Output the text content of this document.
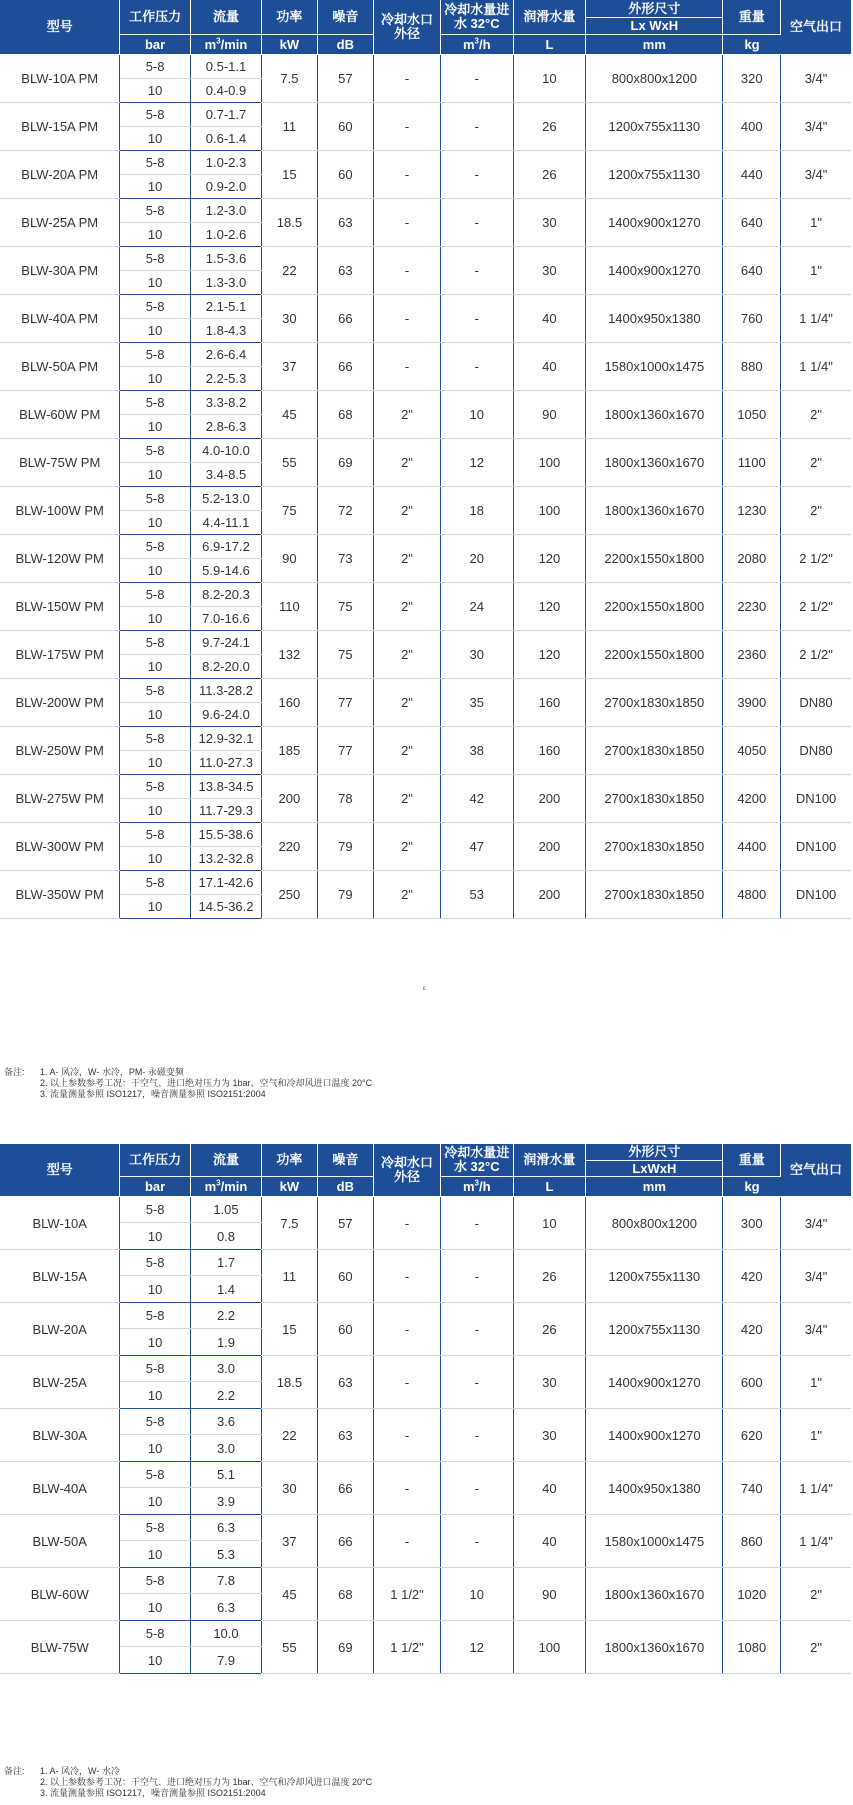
型号	工作压力	流量	功率	噪音	冷却水口外径	冷却水量进水 32°C	润滑水量	外形尺寸
Lx WxH	重量	空气出口
	bar	$m^3/\min$	kW	dB		$m^3/h$	L	mm	kg	
BLW-10A PM	5-8	0.5-1.1	7.5	57	-	-	10	800x800x1200	320	3/4"
	10	0.4-0.9								
BLW-15A PM	5-8	0.7-1.7	11	60	-	-	26	1200x755x1130	400	3/4"
	10	0.6-1.4								
BLW-20A PM	5-8	1.0-2.3	15	60	-	-	26	1200x755x1130	440	3/4"
	10	0.9-2.0								
BLW-25A PM	5-8	1.2-3.0	18.5	63	-	-	30	1400x900x1270	640	1"
	10	1.0-2.6								
BLW-30A PM	5-8	1.5-3.6	22	63	-	-	30	1400x900x1270	640	1"
	10	1.3-3.0								
BLW-40A PM	5-8	2.1-5.1	30	66	-	-	40	1400x950x1380	760	1 1/4"
	10	1.8-4.3								
BLW-50A PM	5-8	2.6-6.4	37	66	-	-	40	1580x1000x1475	880	1 1/4"
	10	2.2-5.3								
BLW-60W PM	5-8	3.3-8.2	45	68	2"	10	90	1800x1360x1670	1050	2"
	10	2.8-6.3								
BLW-75W PM	5-8	4.0-10.0	55	69	2"	12	100	1800x1360x1670	1100	2"
	10	3.4-8.5								
BLW-100W PM	5-8	5.2-13.0	75	72	2"	18	100	1800x1360x1670	1230	2"
	10	4.4-11.1								
BLW-120W PM	5-8	6.9-17.2	90	73	2"	20	120	2200x1550x1800	2080	2 1/2"
	10	5.9-14.6								
BLW-150W PM	5-8	8.2-20.3	110	75	2"	24	120	2200x1550x1800	2230	2 1/2"
	10	7.0-16.6								
BLW-175W PM	5-8	9.7-24.1	132	75	2"	30	120	2200x1550x1800	2360	2 1/2"
	10	8.2-20.0								
BLW-200W PM	5-8	11.3-28.2	160	77	2"	35	160	2700x1830x1850	3900	DN80
	10	9.6-24.0								
BLW-250W PM	5-8	12.9-32.1	185	77	2"	38	160	2700x1830x1850	4050	DN80
	10	11.0-27.3								
BLW-275W PM	5-8	13.8-34.5	200	78	2"	42	200	2700x1830x1850	4200	DN100
	10	11.7-29.3								
BLW-300W PM	5-8	15.5-38.6	220	79	2"	47	200	2700x1830x1850	4400	DN100
	10	13.2-32.8								
BLW-350W PM	5-8	17.1-42.6	250	79	2"	53	200	2700x1830x1850	4800	DN100
	10	14.5-36.2								
备注: 1. A- 风冷，W- 水冷，PM- 永磁变频
2. 以上参数参考工况：干空气、进口绝对压力为 1bar、空气和冷却风进口温度 20°C
3. 流量测量参照 ISO1217，噪音测量参照 ISO2151:2004
ε
型号	工作压力	流量	功率	噪音	冷却水口外径	冷却水量进水 32°C	润滑水量	外形尺寸
LxWxH	重量	空气出口
	bar	$m^3/\min$	kW	dB		$m^3/h$	L	mm	kg	
BLW-10A	5-8	1.05	7.5	57	-	-	10	800x800x1200	300	3/4"
	10	0.8								
BLW-15A	5-8	1.7	11	60	-	-	26	1200x755x1130	420	3/4"
	10	1.4								
BLW-20A	5-8	2.2	15	60	-	-	26	1200x755x1130	420	3/4"
	10	1.9								
BLW-25A	5-8	3.0	18.5	63	-	-	30	1400x900x1270	600	1"
	10	2.2								
BLW-30A	5-8	3.6	22	63	-	-	30	1400x900x1270	620	1"
	10	3.0								
BLW-40A	5-8	5.1	30	66	-	-	40	1400x950x1380	740	1 1/4"
	10	3.9								
BLW-50A	5-8	6.3	37	66	-	-	40	1580x1000x1475	860	1 1/4"
	10	5.3								
BLW-60W	5-8	7.8	45	68	1 1/2"	10	90	1800x1360x1670	1020	2"
	10	6.3								
BLW-75W	5-8	10.0	55	69	1 1/2"	12	100	1800x1360x1670	1080	2"
	10	7.9								
备注: 1. A- 风冷，W- 水冷
2. 以上参数参考工况：干空气、进口绝对压力为 1bar、空气和冷却风进口温度 20°C
3. 流量测量参照 ISO1217，噪音测量参照 ISO2151:2004
